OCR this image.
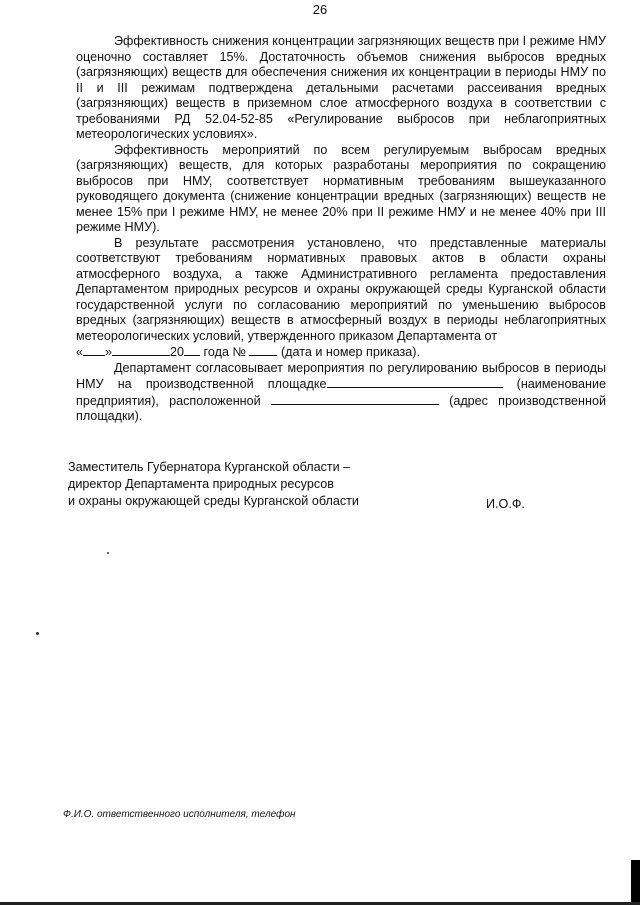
26

Эффективность снижения концентрации загрязняющих веществ при I режиме НМУ оценочно составляет 15%. Достаточность объемов снижения выбросов вредных (загрязняющих) веществ для обеспечения снижения их концентрации в периоды НМУ по II и III режимам подтверждена детальными расчетами рассеивания вредных (загрязняющих) веществ в приземном слое атмосферного воздуха в соответствии с требованиями РД 52.04-52-85 «Регулирование выбросов при неблагоприятных метеорологических условиях».

Эффективность мероприятий по всем регулируемым выбросам вредных (загрязняющих) веществ, для которых разработаны мероприятия по сокращению выбросов при НМУ, соответствует нормативным требованиям вышеуказанного руководящего документа (снижение концентрации вредных (загрязняющих) веществ не менее 15% при I режиме НМУ, не менее 20% при II режиме НМУ и не менее 40% при III режиме НМУ).

В результате рассмотрения установлено, что представленные материалы соответствуют требованиям нормативных правовых актов в области охраны атмосферного воздуха, а также Административного регламента предоставления Департаментом природных ресурсов и охраны окружающей среды Курганской области государственной услуги по согласованию мероприятий по уменьшению выбросов вредных (загрязняющих) веществ в атмосферный воздух в периоды неблагоприятных метеорологических условий, утвержденного приказом Департамента от

« »	20 года №	(дата и номер приказа).

Департамент согласовывает мероприятия по регулированию выбросов в периоды НМУ на производственной площадке	(наименование предприятия), расположенной	(адрес производственной площадки).

Заместитель Губернатора Курганской области –
директор Департамента природных ресурсов
и охраны окружающей среды Курганской области	И.О.Ф.
Ф.И.О. ответственного исполнителя, телефон
